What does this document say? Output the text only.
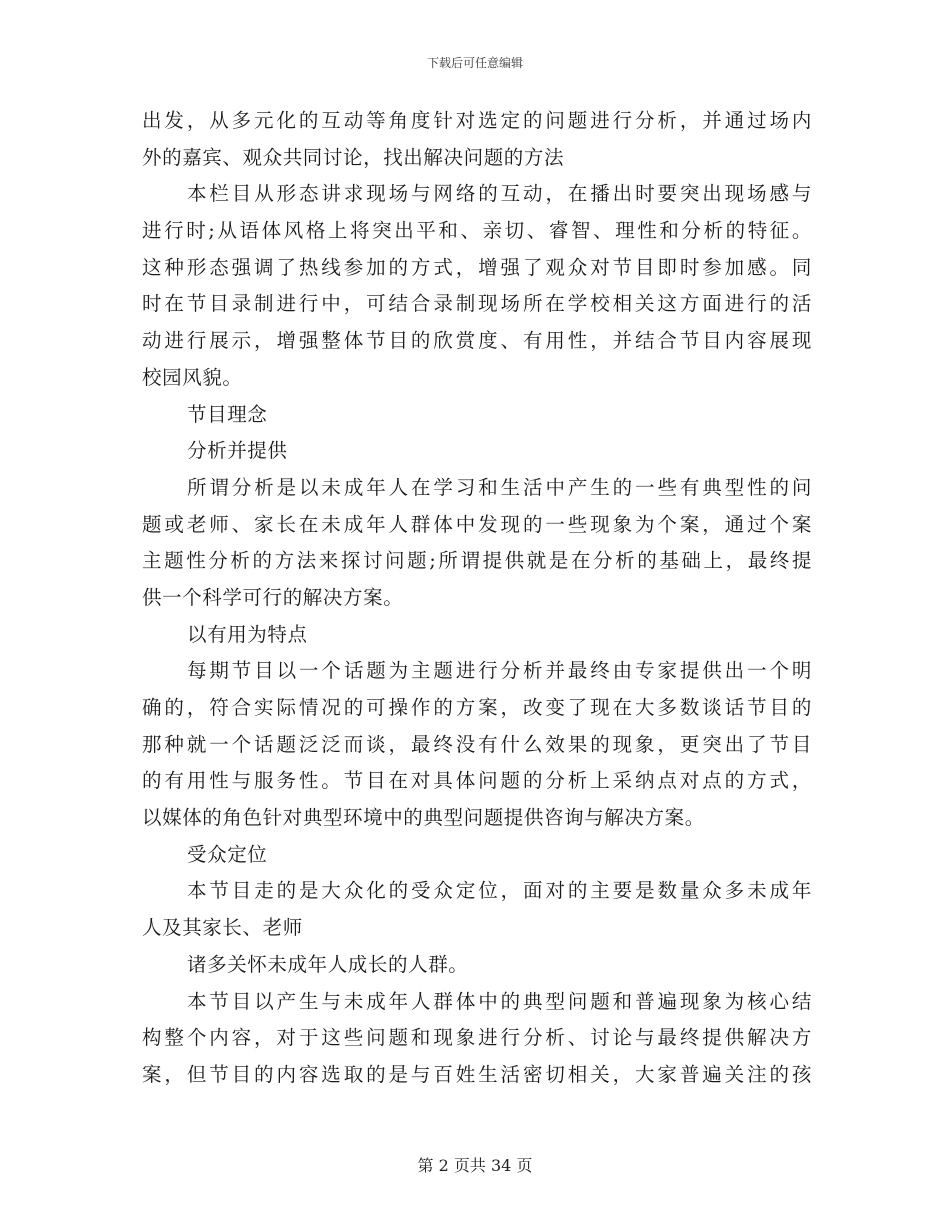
下载后可任意编辑
出发，从多元化的互动等角度针对选定的问题进行分析，并通过场内
外的嘉宾、观众共同讨论，找出解决问题的方法
本栏目从形态讲求现场与网络的互动，在播出时要突出现场感与
进行时;从语体风格上将突出平和、亲切、睿智、理性和分析的特征。
这种形态强调了热线参加的方式，增强了观众对节目即时参加感。同
时在节目录制进行中，可结合录制现场所在学校相关这方面进行的活
动进行展示，增强整体节目的欣赏度、有用性，并结合节目内容展现
校园风貌。
节目理念
分析并提供
所谓分析是以未成年人在学习和生活中产生的一些有典型性的问
题或老师、家长在未成年人群体中发现的一些现象为个案，通过个案
主题性分析的方法来探讨问题;所谓提供就是在分析的基础上，最终提
供一个科学可行的解决方案。
以有用为特点
每期节目以一个话题为主题进行分析并最终由专家提供出一个明
确的，符合实际情况的可操作的方案，改变了现在大多数谈话节目的
那种就一个话题泛泛而谈，最终没有什么效果的现象，更突出了节目
的有用性与服务性。节目在对具体问题的分析上采纳点对点的方式，
以媒体的角色针对典型环境中的典型问题提供咨询与解决方案。
受众定位
本节目走的是大众化的受众定位，面对的主要是数量众多未成年
人及其家长、老师
诸多关怀未成年人成长的人群。
本节目以产生与未成年人群体中的典型问题和普遍现象为核心结
构整个内容，对于这些问题和现象进行分析、讨论与最终提供解决方
案，但节目的内容选取的是与百姓生活密切相关，大家普遍关注的孩
第 2 页共 34 页
